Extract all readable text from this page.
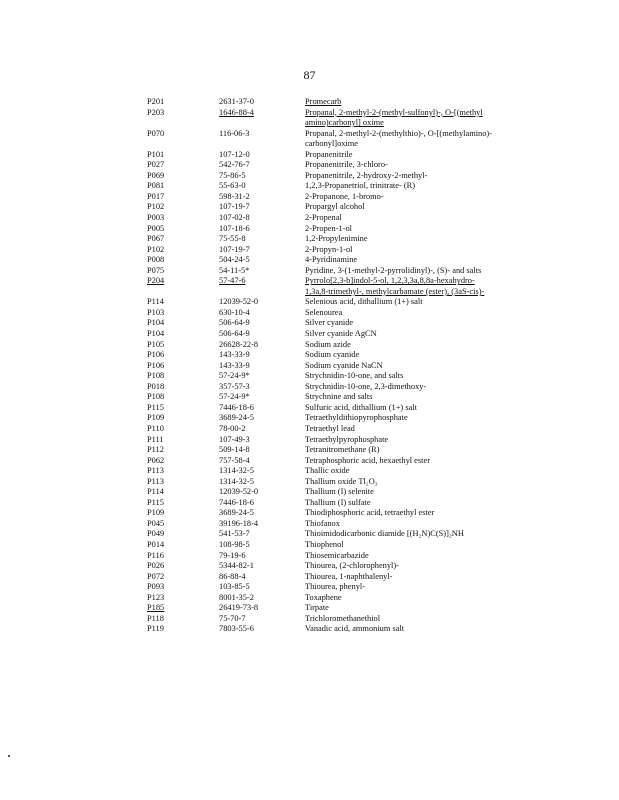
87
P201	2631-37-0	Promecarb
P203	1646-88-4	Propanal, 2-methyl-2-(methyl-sulfonyl)-, O-[(methyl
amino)carbonyl] oxime
P070	116-06-3	Propanal, 2-methyl-2-(methylthio)-, O-[(methylamino)-
carbonyl]oxime
P101	107-12-0	Propanenitrile
P027	542-76-7	Propanenitrile, 3-chloro-
P069	75-86-5	Propanenitrile, 2-hydroxy-2-methyl-
P081	55-63-0	1,2,3-Propanetriol, trinitrate- (R)
P017	598-31-2	2-Propanone, 1-bromo-
P102	107-19-7	Propargyl alcohol
P003	107-02-8	2-Propenal
P005	107-18-6	2-Propen-1-ol
P067	75-55-8	1,2-Propylenimine
P102	107-19-7	2-Propyn-1-ol
P008	504-24-5	4-Pyridinamine
P075	54-11-5*	Pyridine, 3-(1-methyl-2-pyrrolidinyl)-, (S)- and salts
P204	57-47-6	Pyrrolo[2,3-b]indol-5-ol, 1,2,3,3a,8,8a-hexahydro-
1,3a,8-trimethyl-, methylcarbamate (ester), (3aS-cis)-
P114	12039-52-0	Selenious acid, dithallium (1+) salt
P103	630-10-4	Selenourea
P104	506-64-9	Silver cyanide
P104	506-64-9	Silver cyanide AgCN
P105	26628-22-8	Sodium azide
P106	143-33-9	Sodium cyanide
P106	143-33-9	Sodium cyanide NaCN
P108	57-24-9*	Strychnidin-10-one, and salts
P018	357-57-3	Strychnidin-10-one, 2,3-dimethoxy-
P108	57-24-9*	Strychnine and salts
P115	7446-18-6	Sulfuric acid, dithallium (1+) salt
P109	3689-24-5	Tetraethyldithiopyrophosphate
P110	78-00-2	Tetraethyl lead
P111	107-49-3	Tetraethylpyrophosphate
P112	509-14-8	Tetranitromethane (R)
P062	757-58-4	Tetraphosphoric acid, hexaethyl ester
P113	1314-32-5	Thallic oxide
P113	1314-32-5	Thallium oxide Tl₂O₃
P114	12039-52-0	Thallium (I) selenite
P115	7446-18-6	Thallium (I) sulfate
P109	3689-24-5	Thiodiphosphoric acid, tetraethyl ester
P045	39196-18-4	Thiofanox
P049	541-53-7	Thioimidodicarbonic diamide [(H₂N)C(S)]₂NH
P014	108-98-5	Thiophenol
P116	79-19-6	Thiosemicarbazide
P026	5344-82-1	Thiourea, (2-chlorophenyl)-
P072	86-88-4	Thiourea, 1-naphthalenyl-
P093	103-85-5	Thiourea, phenyl-
P123	8001-35-2	Toxaphene
P185	26419-73-8	Tirpate
P118	75-70-7	Trichloromethanethiol
P119	7803-55-6	Vanadic acid, ammonium salt
